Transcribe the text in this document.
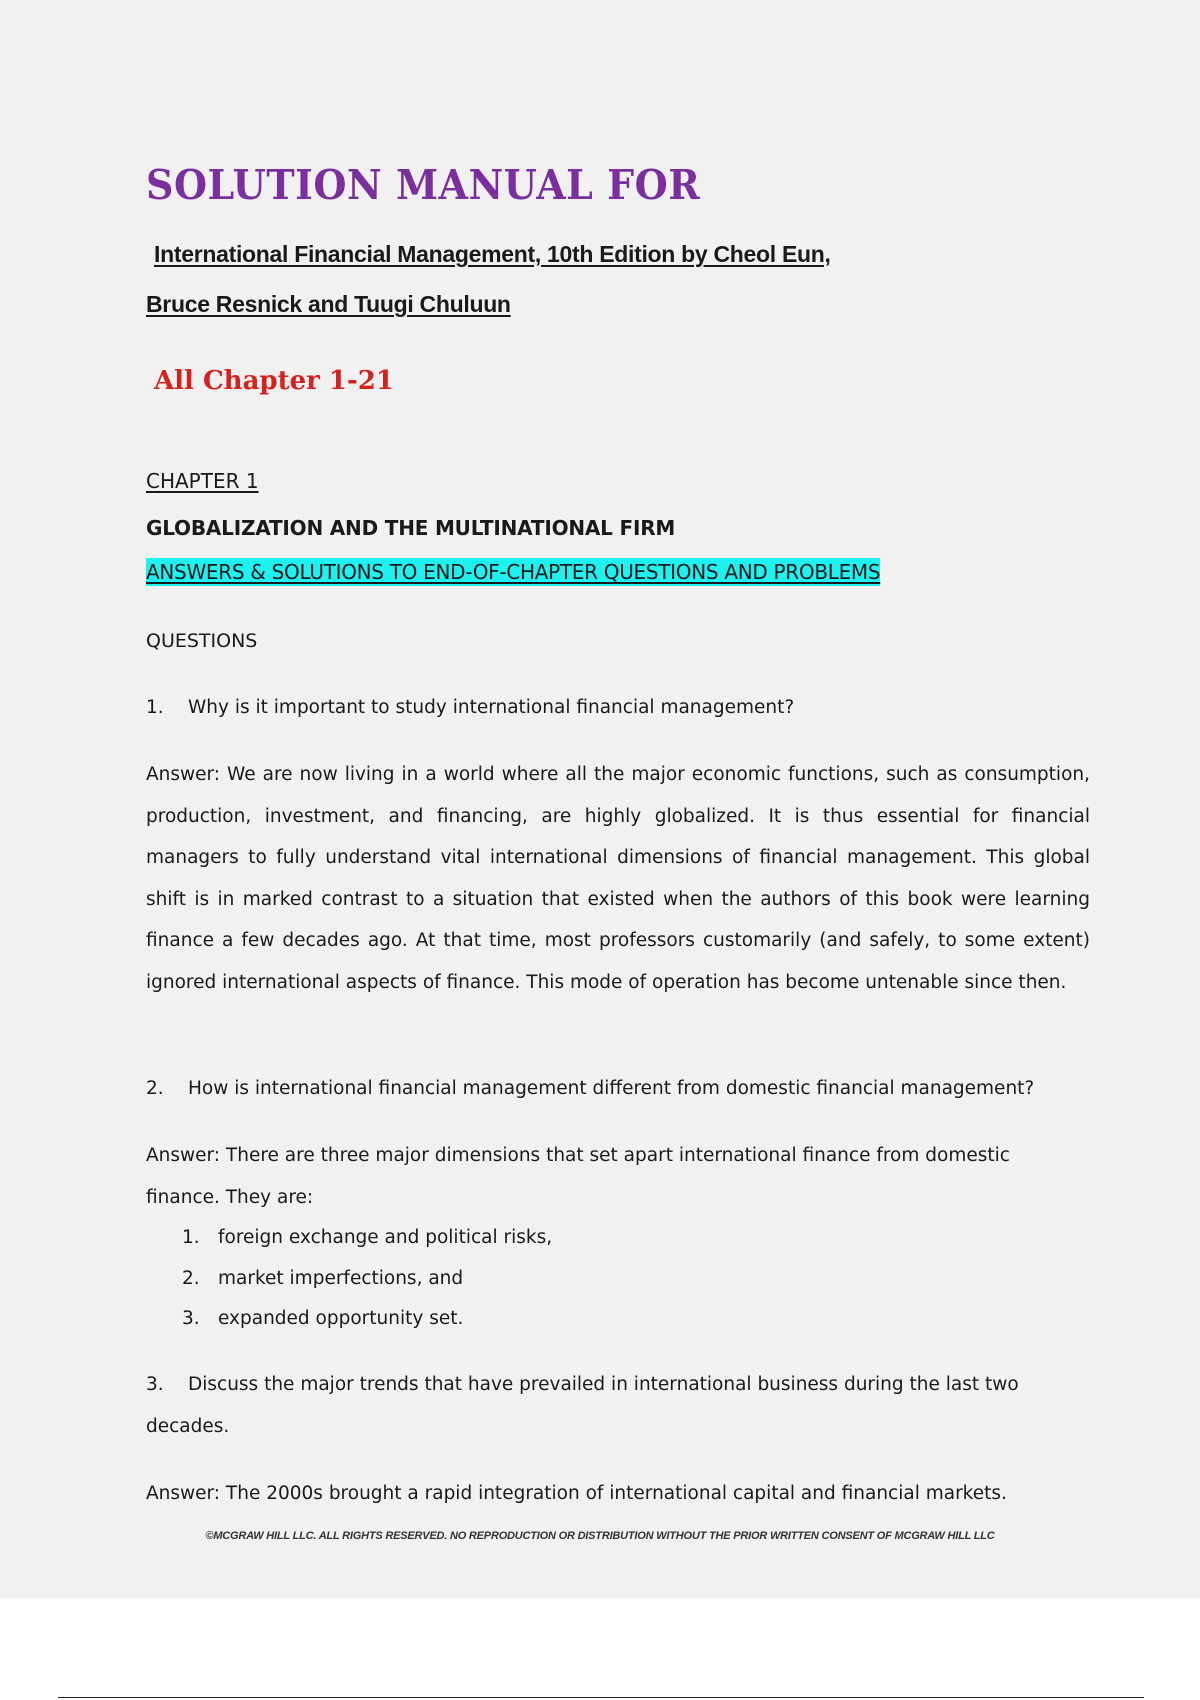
SOLUTION MANUAL FOR
International Financial Management, 10th Edition by Cheol Eun,
Bruce Resnick and Tuugi Chuluun
All Chapter 1-21
CHAPTER 1
GLOBALIZATION AND THE MULTINATIONAL FIRM
ANSWERS & SOLUTIONS TO END-OF-CHAPTER QUESTIONS AND PROBLEMS
QUESTIONS
1. Why is it important to study international financial management?
Answer: We are now living in a world where all the major economic functions, such as consumption, production, investment, and financing, are highly globalized. It is thus essential for financial managers to fully understand vital international dimensions of financial management. This global shift is in marked contrast to a situation that existed when the authors of this book were learning finance a few decades ago. At that time, most professors customarily (and safely, to some extent) ignored international aspects of finance. This mode of operation has become untenable since then.
2. How is international financial management different from domestic financial management?
Answer: There are three major dimensions that set apart international finance from domestic finance. They are:
1. foreign exchange and political risks,
2. market imperfections, and
3. expanded opportunity set.
3. Discuss the major trends that have prevailed in international business during the last two decades.
Answer: The 2000s brought a rapid integration of international capital and financial markets.
©MCGRAW HILL LLC. ALL RIGHTS RESERVED. NO REPRODUCTION OR DISTRIBUTION WITHOUT THE PRIOR WRITTEN CONSENT OF MCGRAW HILL LLC
